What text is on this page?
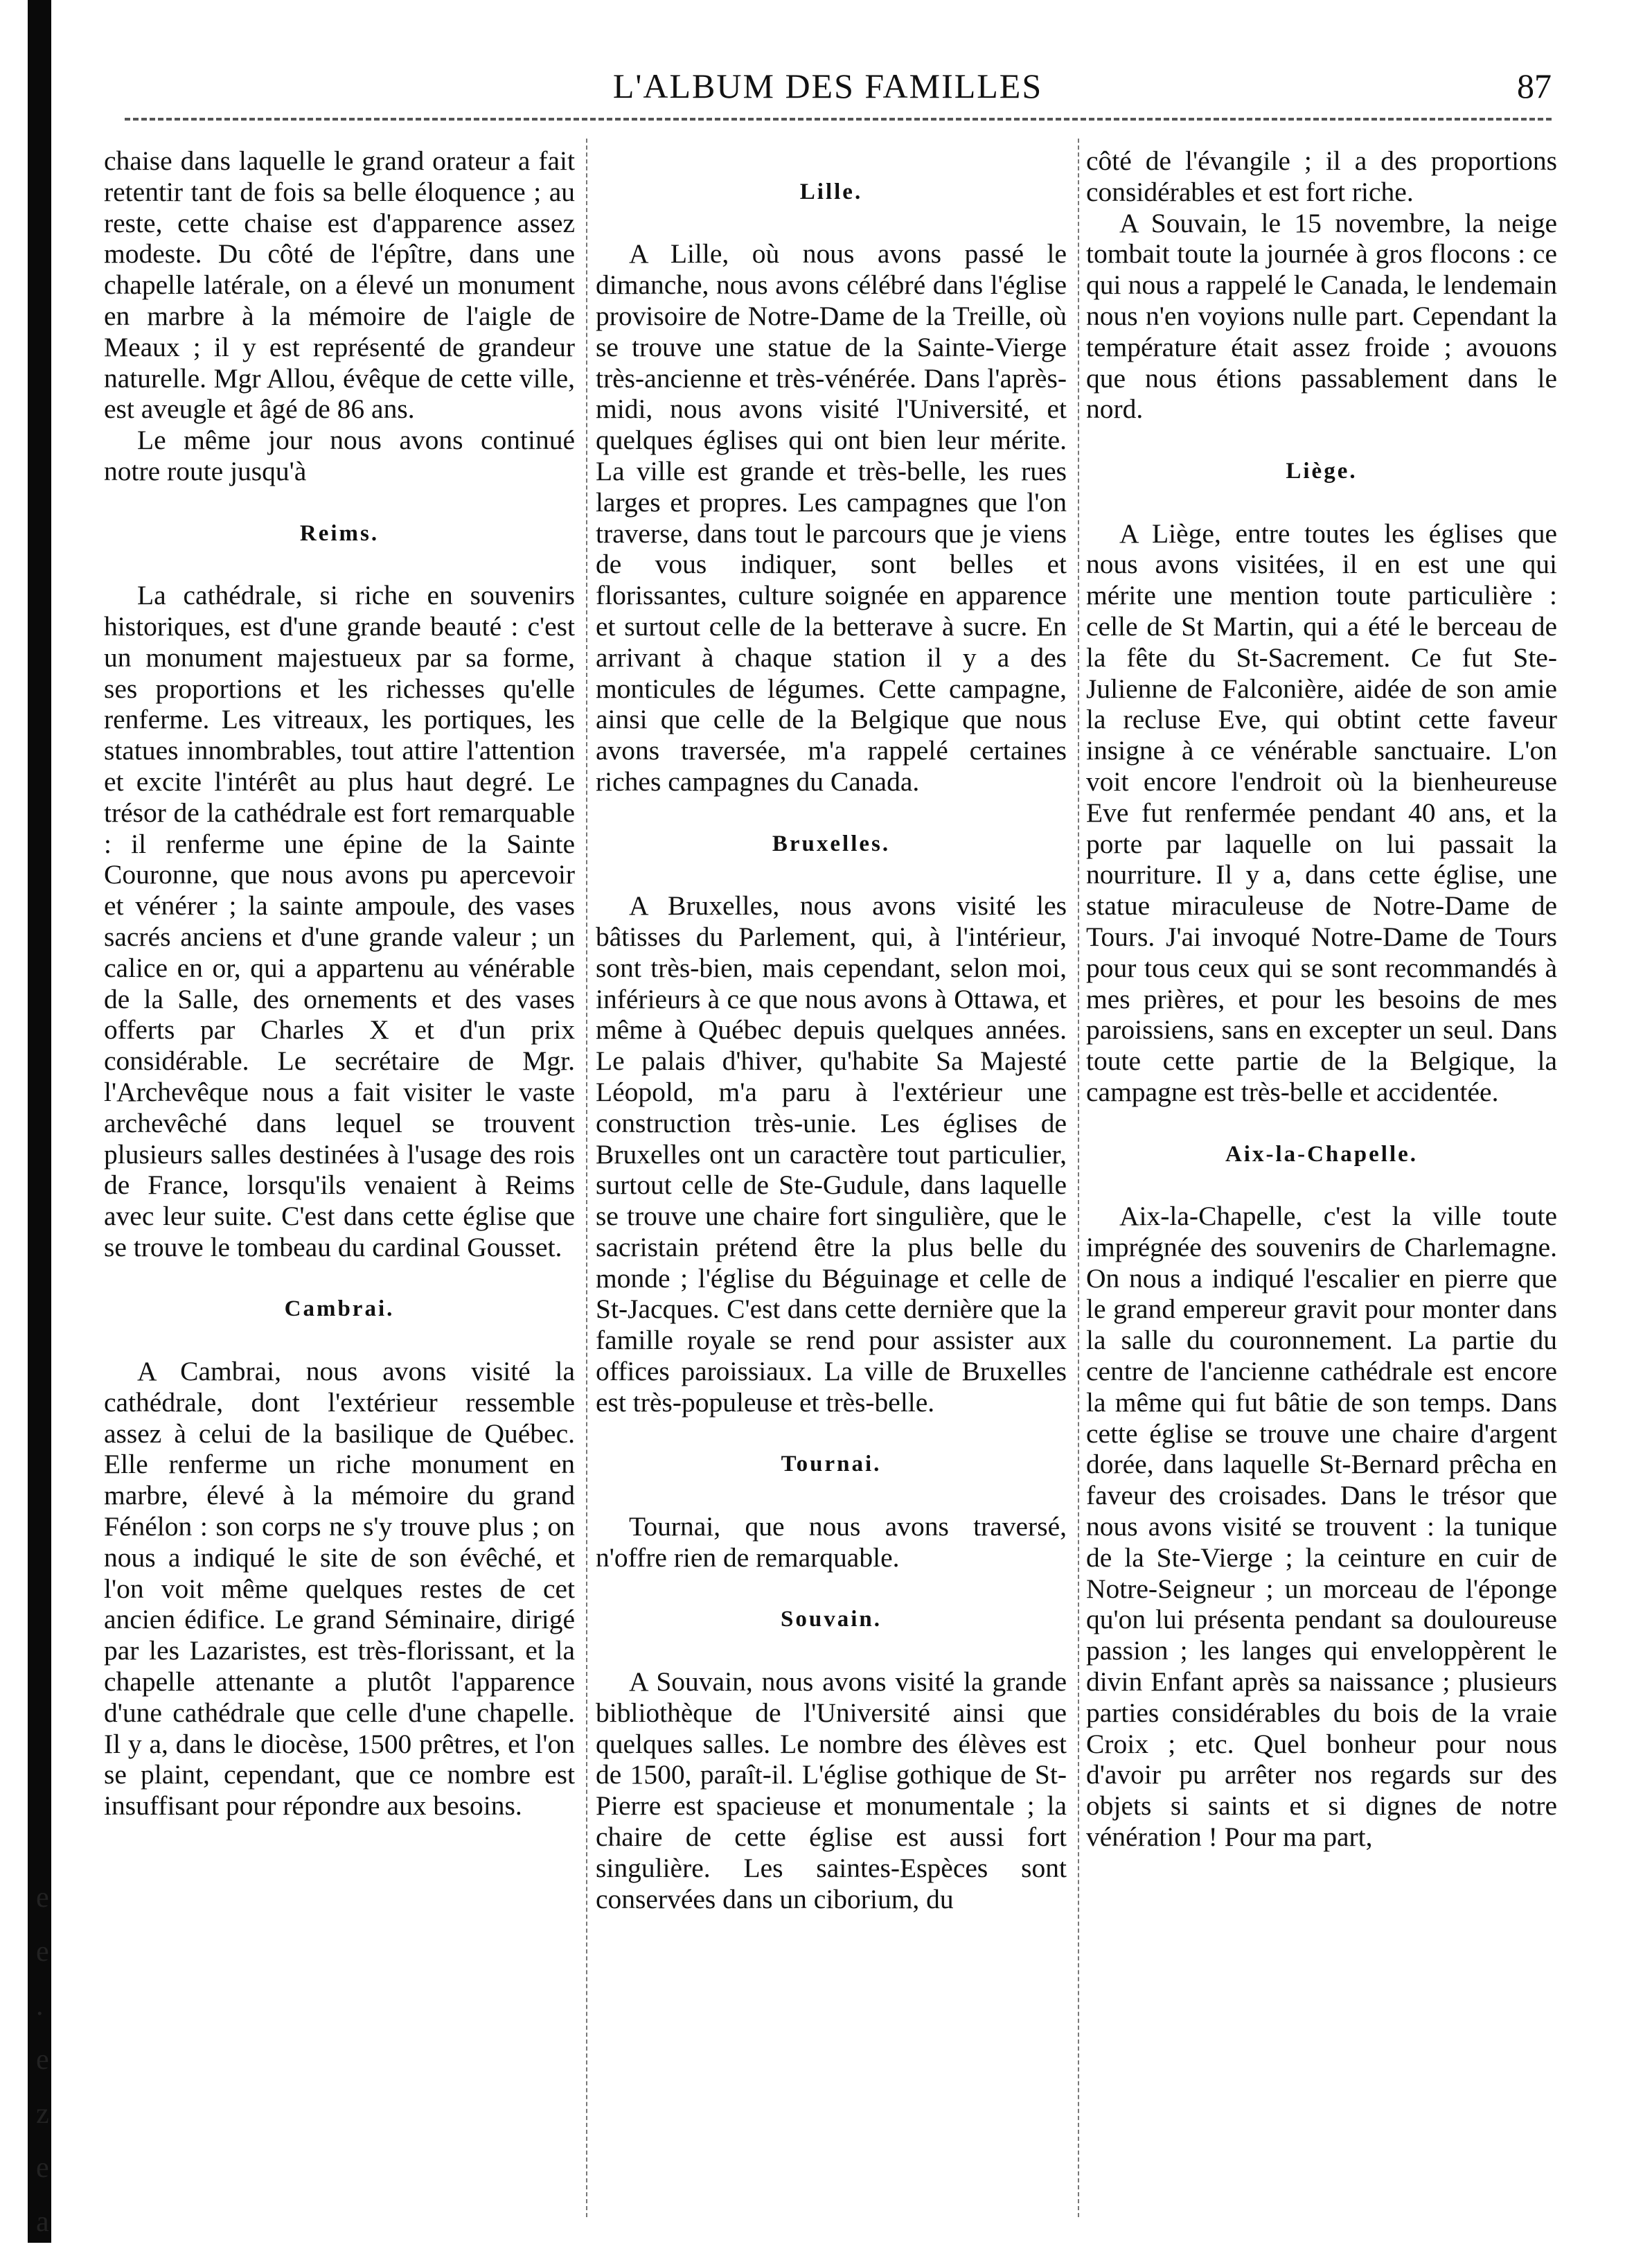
e
e
.
e
z
e
a
L'ALBUM DES FAMILLES	87

chaise dans laquelle le grand orateur a fait retentir tant de fois sa belle éloquence ; au reste, cette chaise est d'apparence assez modeste. Du côté de l'épître, dans une chapelle latérale, on a élevé un monument en marbre à la mémoire de l'aigle de Meaux ; il y est représenté de grandeur naturelle. Mgr Allou, évêque de cette ville, est aveugle et âgé de 86 ans.

Le même jour nous avons continué notre route jusqu'à

Reims.

La cathédrale, si riche en souvenirs historiques, est d'une grande beauté : c'est un monument majestueux par sa forme, ses proportions et les richesses qu'elle renferme. Les vitreaux, les portiques, les statues innombrables, tout attire l'attention et excite l'intérêt au plus haut degré. Le trésor de la cathédrale est fort remarquable : il renferme une épine de la Sainte Couronne, que nous avons pu apercevoir et vénérer ; la sainte ampoule, des vases sacrés anciens et d'une grande valeur ; un calice en or, qui a appartenu au vénérable de la Salle, des ornements et des vases offerts par Charles X et d'un prix considérable. Le secrétaire de Mgr. l'Archevêque nous a fait visiter le vaste archevêché dans lequel se trouvent plusieurs salles destinées à l'usage des rois de France, lorsqu'ils venaient à Reims avec leur suite. C'est dans cette église que se trouve le tombeau du cardinal Gousset.

Cambrai.

A Cambrai, nous avons visité la cathédrale, dont l'extérieur ressemble assez à celui de la basilique de Québec. Elle renferme un riche monument en marbre, élevé à la mémoire du grand Fénélon : son corps ne s'y trouve plus ; on nous a indiqué le site de son évêché, et l'on voit même quelques restes de cet ancien édifice. Le grand Séminaire, dirigé par les Lazaristes, est très-florissant, et la chapelle attenante a plutôt l'apparence d'une cathédrale que celle d'une chapelle. Il y a, dans le diocèse, 1500 prêtres, et l'on se plaint, cependant, que ce nombre est insuffisant pour répondre aux besoins.

Lille.

A Lille, où nous avons passé le dimanche, nous avons célébré dans l'église provisoire de Notre-Dame de la Treille, où se trouve une statue de la Sainte-Vierge très-ancienne et très-vénérée. Dans l'après-midi, nous avons visité l'Université, et quelques églises qui ont bien leur mérite. La ville est grande et très-belle, les rues larges et propres. Les campagnes que l'on traverse, dans tout le parcours que je viens de vous indiquer, sont belles et florissantes, culture soignée en apparence et surtout celle de la betterave à sucre. En arrivant à chaque station il y a des monticules de légumes. Cette campagne, ainsi que celle de la Belgique que nous avons traversée, m'a rappelé certaines riches campagnes du Canada.

Bruxelles.

A Bruxelles, nous avons visité les bâtisses du Parlement, qui, à l'intérieur, sont très-bien, mais cependant, selon moi, inférieurs à ce que nous avons à Ottawa, et même à Québec depuis quelques années. Le palais d'hiver, qu'habite Sa Majesté Léopold, m'a paru à l'extérieur une construction très-unie. Les églises de Bruxelles ont un caractère tout particulier, surtout celle de Ste-Gudule, dans laquelle se trouve une chaire fort singulière, que le sacristain prétend être la plus belle du monde ; l'église du Béguinage et celle de St-Jacques. C'est dans cette dernière que la famille royale se rend pour assister aux offices paroissiaux. La ville de Bruxelles est très-populeuse et très-belle.

Tournai.

Tournai, que nous avons traversé, n'offre rien de remarquable.

Souvain.

A Souvain, nous avons visité la grande bibliothèque de l'Université ainsi que quelques salles. Le nombre des élèves est de 1500, paraît-il. L'église gothique de St-Pierre est spacieuse et monumentale ; la chaire de cette église est aussi fort singulière. Les saintes-Espèces sont conservées dans un ciborium, du

côté de l'évangile ; il a des proportions considérables et est fort riche.

A Souvain, le 15 novembre, la neige tombait toute la journée à gros flocons : ce qui nous a rappelé le Canada, le lendemain nous n'en voyions nulle part. Cependant la température était assez froide ; avouons que nous étions passablement dans le nord.

Liège.

A Liège, entre toutes les églises que nous avons visitées, il en est une qui mérite une mention toute particulière : celle de St Martin, qui a été le berceau de la fête du St-Sacrement. Ce fut Ste-Julienne de Falconière, aidée de son amie la recluse Eve, qui obtint cette faveur insigne à ce vénérable sanctuaire. L'on voit encore l'endroit où la bienheureuse Eve fut renfermée pendant 40 ans, et la porte par laquelle on lui passait la nourriture. Il y a, dans cette église, une statue miraculeuse de Notre-Dame de Tours. J'ai invoqué Notre-Dame de Tours pour tous ceux qui se sont recommandés à mes prières, et pour les besoins de mes paroissiens, sans en excepter un seul. Dans toute cette partie de la Belgique, la campagne est très-belle et accidentée.

Aix-la-Chapelle.

Aix-la-Chapelle, c'est la ville toute imprégnée des souvenirs de Charlemagne. On nous a indiqué l'escalier en pierre que le grand empereur gravit pour monter dans la salle du couronnement. La partie du centre de l'ancienne cathédrale est encore la même qui fut bâtie de son temps. Dans cette église se trouve une chaire d'argent dorée, dans laquelle St-Bernard prêcha en faveur des croisades. Dans le trésor que nous avons visité se trouvent : la tunique de la Ste-Vierge ; la ceinture en cuir de Notre-Seigneur ; un morceau de l'éponge qu'on lui présenta pendant sa douloureuse passion ; les langes qui enveloppèrent le divin Enfant après sa naissance ; plusieurs parties considérables du bois de la vraie Croix ; etc. Quel bonheur pour nous d'avoir pu arrêter nos regards sur des objets si saints et si dignes de notre vénération ! Pour ma part,
